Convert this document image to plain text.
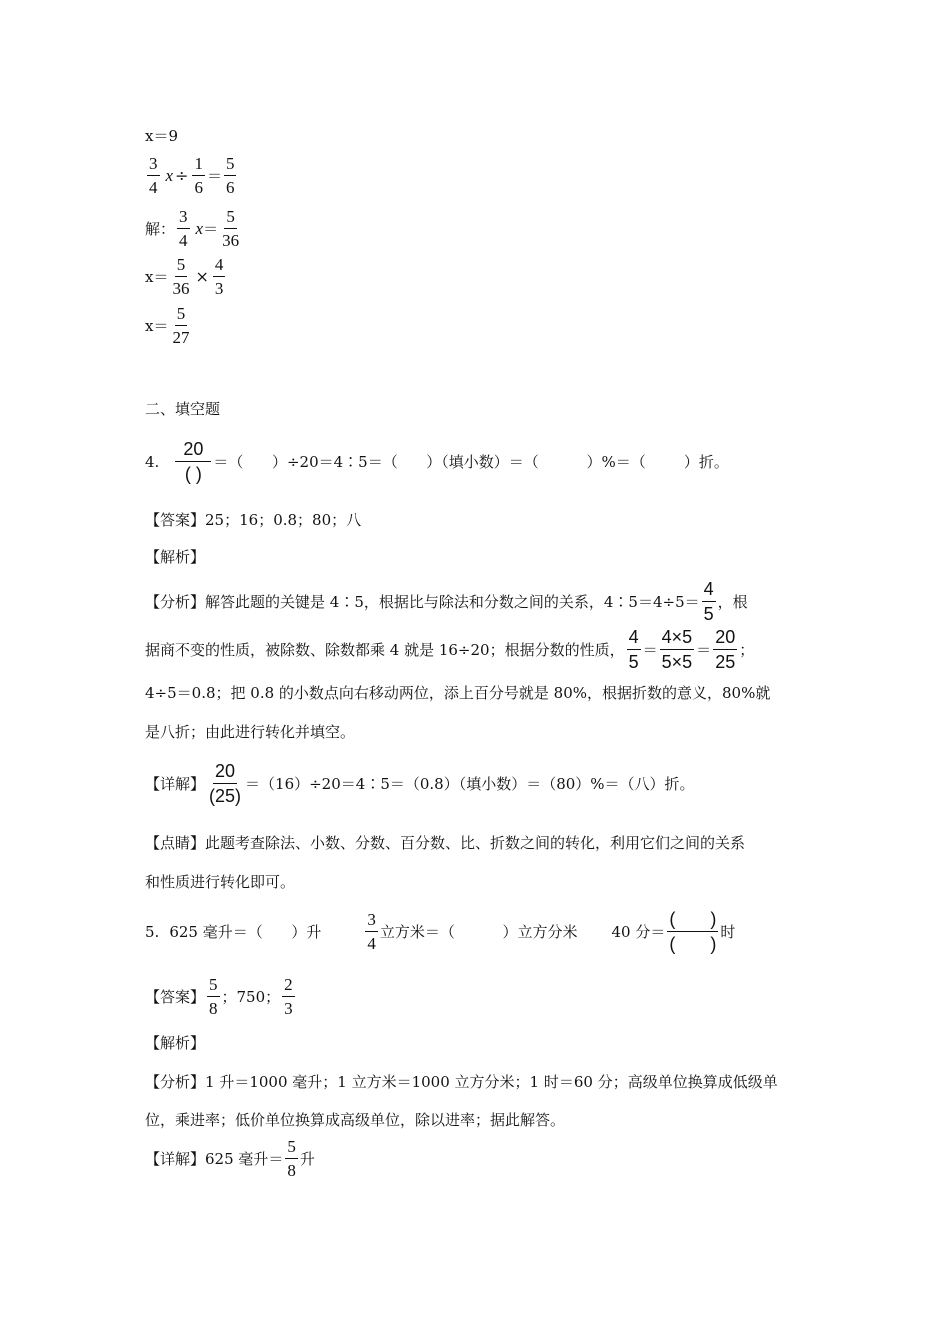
x＝9
$\frac{3}{4}$ $x \div \frac{1}{6} = \frac{5}{6}$
解： $\frac{3}{4}$ $x = \frac{5}{36}$
$x= \frac{5}{36} \times \frac{4}{3}$
$x= \frac{5}{27}$
二、填空题
4. $\frac{20}{( )}$ ＝（      ）÷20＝4∶5＝（      ）（填小数）＝（          ）%＝（        ）折。
【答案】 25；16；0.8；80；八
【解析】
【分析】 解答此题的关键是 4∶5，根据比与除法和分数之间的关系，4∶5＝4÷5＝ $\frac{4}{5}$ ，根
据商不变的性质，被除数、除数都乘 4 就是 16÷20；根据分数的性质， $\frac{4}{5} = \frac{4\times 5}{5\times 5} = \frac{20}{25}$ ；
4÷5＝0.8；把 0.8 的小数点向右移动两位，添上百分号就是 80%，根据折数的意义，80%就
是八折；由此进行转化并填空。
【详解】 $\frac{20}{(25)}$ ＝（16）÷20＝4∶5＝（0.8）（填小数）＝（80）%＝（八）折。
【点睛】 此题考查除法、小数、分数、百分数、比、折数之间的转化，利用它们之间的关系
和性质进行转化即可。
5. 625 毫升＝（      ）升	$\frac{3}{4}$ 立方米＝（          ）立方分米 40 分＝ $\frac{( )}{( )}$ 时
【答案】 $\frac{5}{8}$ ；750； $\frac{2}{3}$
【解析】
【分析】 1 升＝1000 毫升；1 立方米＝1000 立方分米；1 时＝60 分；高级单位换算成低级单
位，乘进率；低价单位换算成高级单位，除以进率；据此解答。
【详解】 625 毫升＝ $\frac{5}{8}$ 升
